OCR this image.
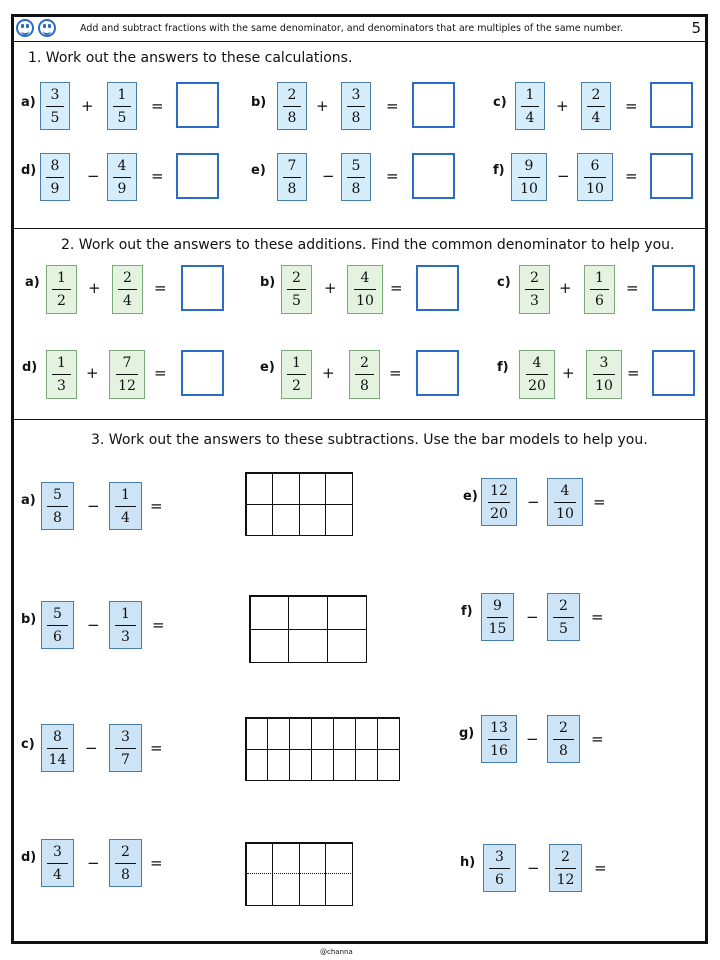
Add and subtract fractions with the same denominator, and denominators that are multiples of the same number.	5
1. Work out the answers to these calculations.
a) 3
5
+
1
5
=	b) 2
8
+
3
8
=	c) 1
4
+
2
4
=
d) 8
9
−
4
9
=	e) 7
8
−
5
8
=	f) 9
10
−
6
10
=
2. Work out the answers to these additions. Find the common denominator to help you.
a) 1
2
+
2
4
=	b) 2
5
+
4
10
=	c) 2
3
+
1
6
=
d) 1
3
+
7
12
=	e) 1
2
+
2
8
=	f) 4
20
+
3
10
=
3. Work out the answers to these subtractions. Use the bar models to help you.
a) 5
8
−
1
4
=
b) 5
6
−
1
3
=
c) 8
14
−
3
7
=
d) 3
4
−
2
8
=
e) 12
20
−
4
10
=
f) 9
15
−
2
5
=
g) 13
16
−
2
8
=
h) 3
6
−
2
12
=
@channa
